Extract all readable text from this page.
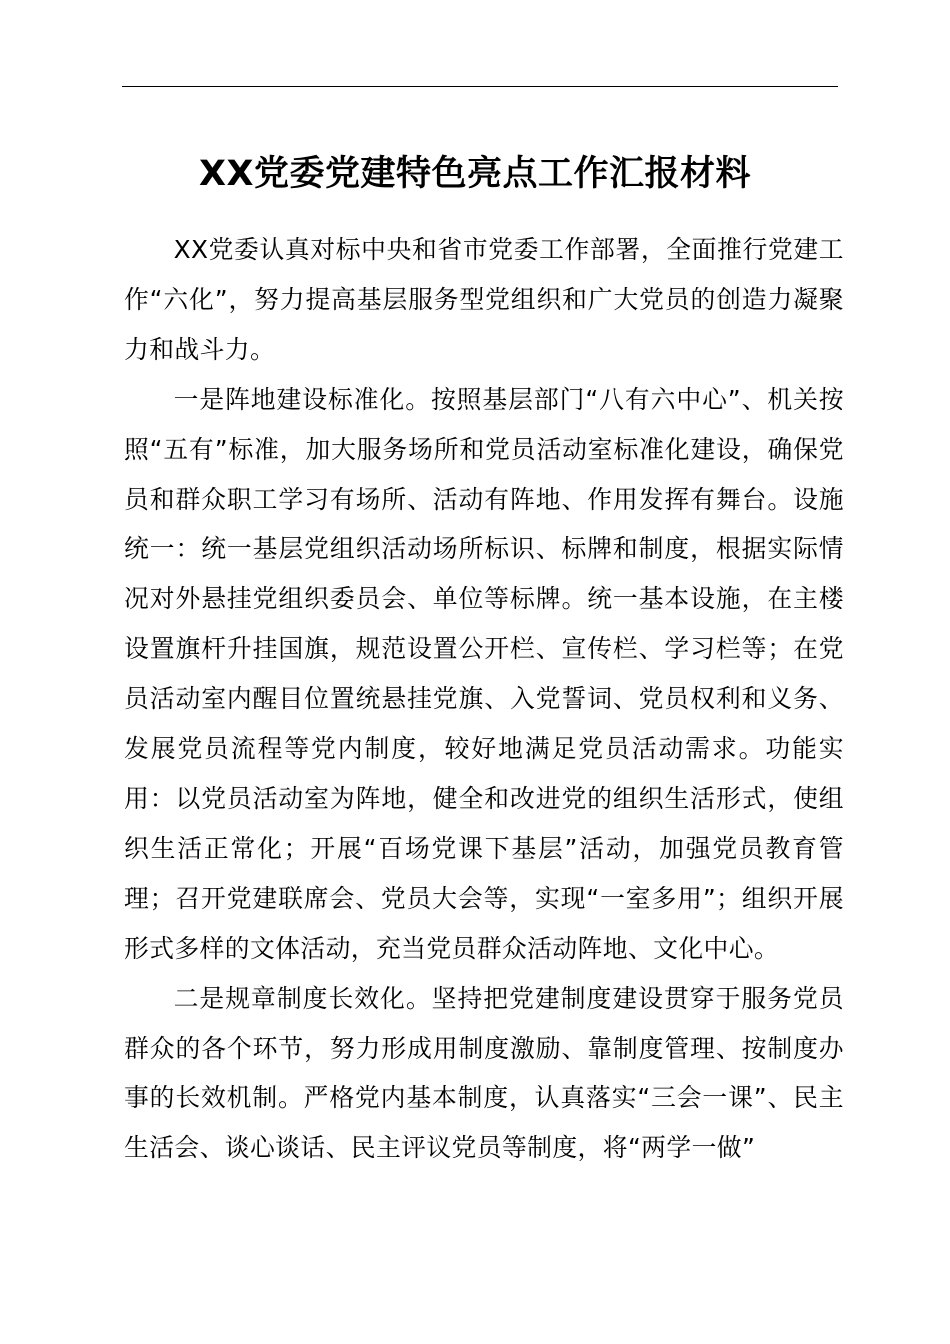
XX党委党建特色亮点工作汇报材料

XX党委认真对标中央和省市党委工作部署，全面推行党建工作“六化”，努力提高基层服务型党组织和广大党员的创造力凝聚力和战斗力。

一是阵地建设标准化。按照基层部门“八有六中心”、机关按照“五有”标准，加大服务场所和党员活动室标准化建设，确保党员和群众职工学习有场所、活动有阵地、作用发挥有舞台。设施统一：统一基层党组织活动场所标识、标牌和制度，根据实际情况对外悬挂党组织委员会、单位等标牌。统一基本设施，在主楼设置旗杆升挂国旗，规范设置公开栏、宣传栏、学习栏等；在党员活动室内醒目位置统悬挂党旗、入党誓词、党员权利和义务、发展党员流程等党内制度，较好地满足党员活动需求。功能实用：以党员活动室为阵地，健全和改进党的组织生活形式，使组织生活正常化；开展“百场党课下基层”活动，加强党员教育管理；召开党建联席会、党员大会等，实现“一室多用”；组织开展形式多样的文体活动，充当党员群众活动阵地、文化中心。

二是规章制度长效化。坚持把党建制度建设贯穿于服务党员群众的各个环节，努力形成用制度激励、靠制度管理、按制度办事的长效机制。严格党内基本制度，认真落实“三会一课”、民主生活会、谈心谈话、民主评议党员等制度，将“两学一做”
